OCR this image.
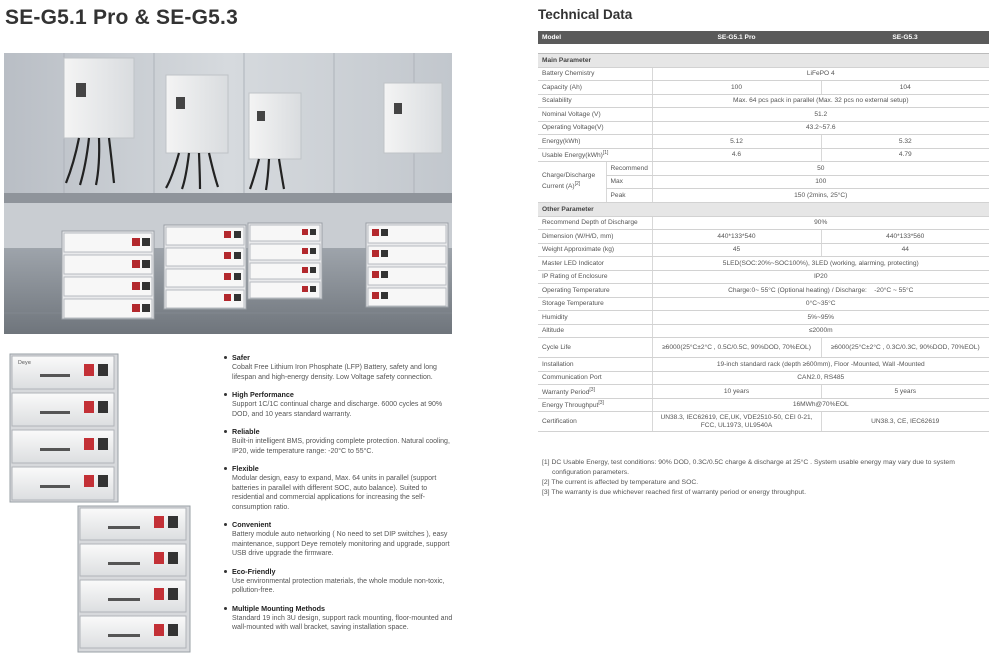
SE-G5.1 Pro & SE-G5.3
Deye
Safer
Cobalt Free Lithium Iron Phosphate (LFP) Battery, safety and long lifespan and high-energy density. Low Voltage safety connection.
High Performance
Support 1C/1C continual charge and discharge. 6000 cycles at 90% DOD, and 10 years standard warranty.
Reliable
Built-in intelligent BMS, providing complete protection. Natural cooling, IP20, wide temperature range: -20°C to 55°C.
Flexible
Modular design, easy to expand, Max. 64 units in parallel (support batteries in parallel with different SOC, auto balance). Suited to residential and commercial applications for increasing the self-consumption ratio.
Convenient
Battery module auto networking ( No need to set DIP switches ), easy maintenance, support Deye remotely monitoring and upgrade, support USB drive upgrade the firmware.
Eco-Friendly
Use environmental protection materials, the whole module non-toxic, pollution-free.
Multiple Mounting Methods
Standard 19 inch 3U design, support rack mounting, floor-mounted and wall-mounted with wall bracket, saving installation space.
Technical Data
Model		SE-G5.1 Pro	SE-G5.3

Main Parameter			
Battery Chemistry		LiFePO 4	
Capacity (Ah)		100	104
Scalability		Max. 64 pcs pack in parallel (Max. 32 pcs no external setup)	
Nominal Voltage (V)		51.2	
Operating Voltage(V)		43.2~57.6	
Energy(kWh)		5.12	5.32
Usable Energy(kWh)[1]		4.6	4.79
Charge/Discharge Current (A)[2]	Recommend	50	
	Max	100	
	Peak	150 (2mins, 25°C)	
Other Parameter			
Recommend Depth of Discharge		90%	
Dimension (W/H/D, mm)		440*133*540	440*133*560
Weight Approximate (kg)		45	44
Master LED Indicator		5LED(SOC:20%~SOC100%), 3LED (working, alarming, protecting)	
IP Rating of Enclosure		IP20	
Operating Temperature		Charge:0~ 55°C (Optional heating) / Discharge:    -20°C ~ 55°C	
Storage Temperature		0°C~35°C	
Humidity		5%~95%	
Altitude		≤2000m	
Cycle Life		≥6000(25°C±2°C , 0.5C/0.5C, 90%DOD, 70%EOL)	≥6000(25°C±2°C , 0.3C/0.3C, 90%DOD, 70%EOL)
Installation		19-inch standard rack (depth ≥600mm), Floor -Mounted, Wall -Mounted	
Communication Port		CAN2.0, RS485	
Warranty Period[3]		10 years	5 years
Energy Throughput[3]		16MWh@70%EOL	
Certification		UN38.3, IEC62619, CE,UK, VDE2510-50, CEI 0-21, FCC, UL1973, UL9540A	UN38.3, CE, IEC62619
[1] DC Usable Energy, test conditions: 90% DOD, 0.3C/0.5C charge & discharge at 25°C . System usable energy may vary due to system
configuration parameters.
[2] The current is affected by temperature and SOC.
[3] The warranty is due whichever reached first of warranty period or energy throughput.
